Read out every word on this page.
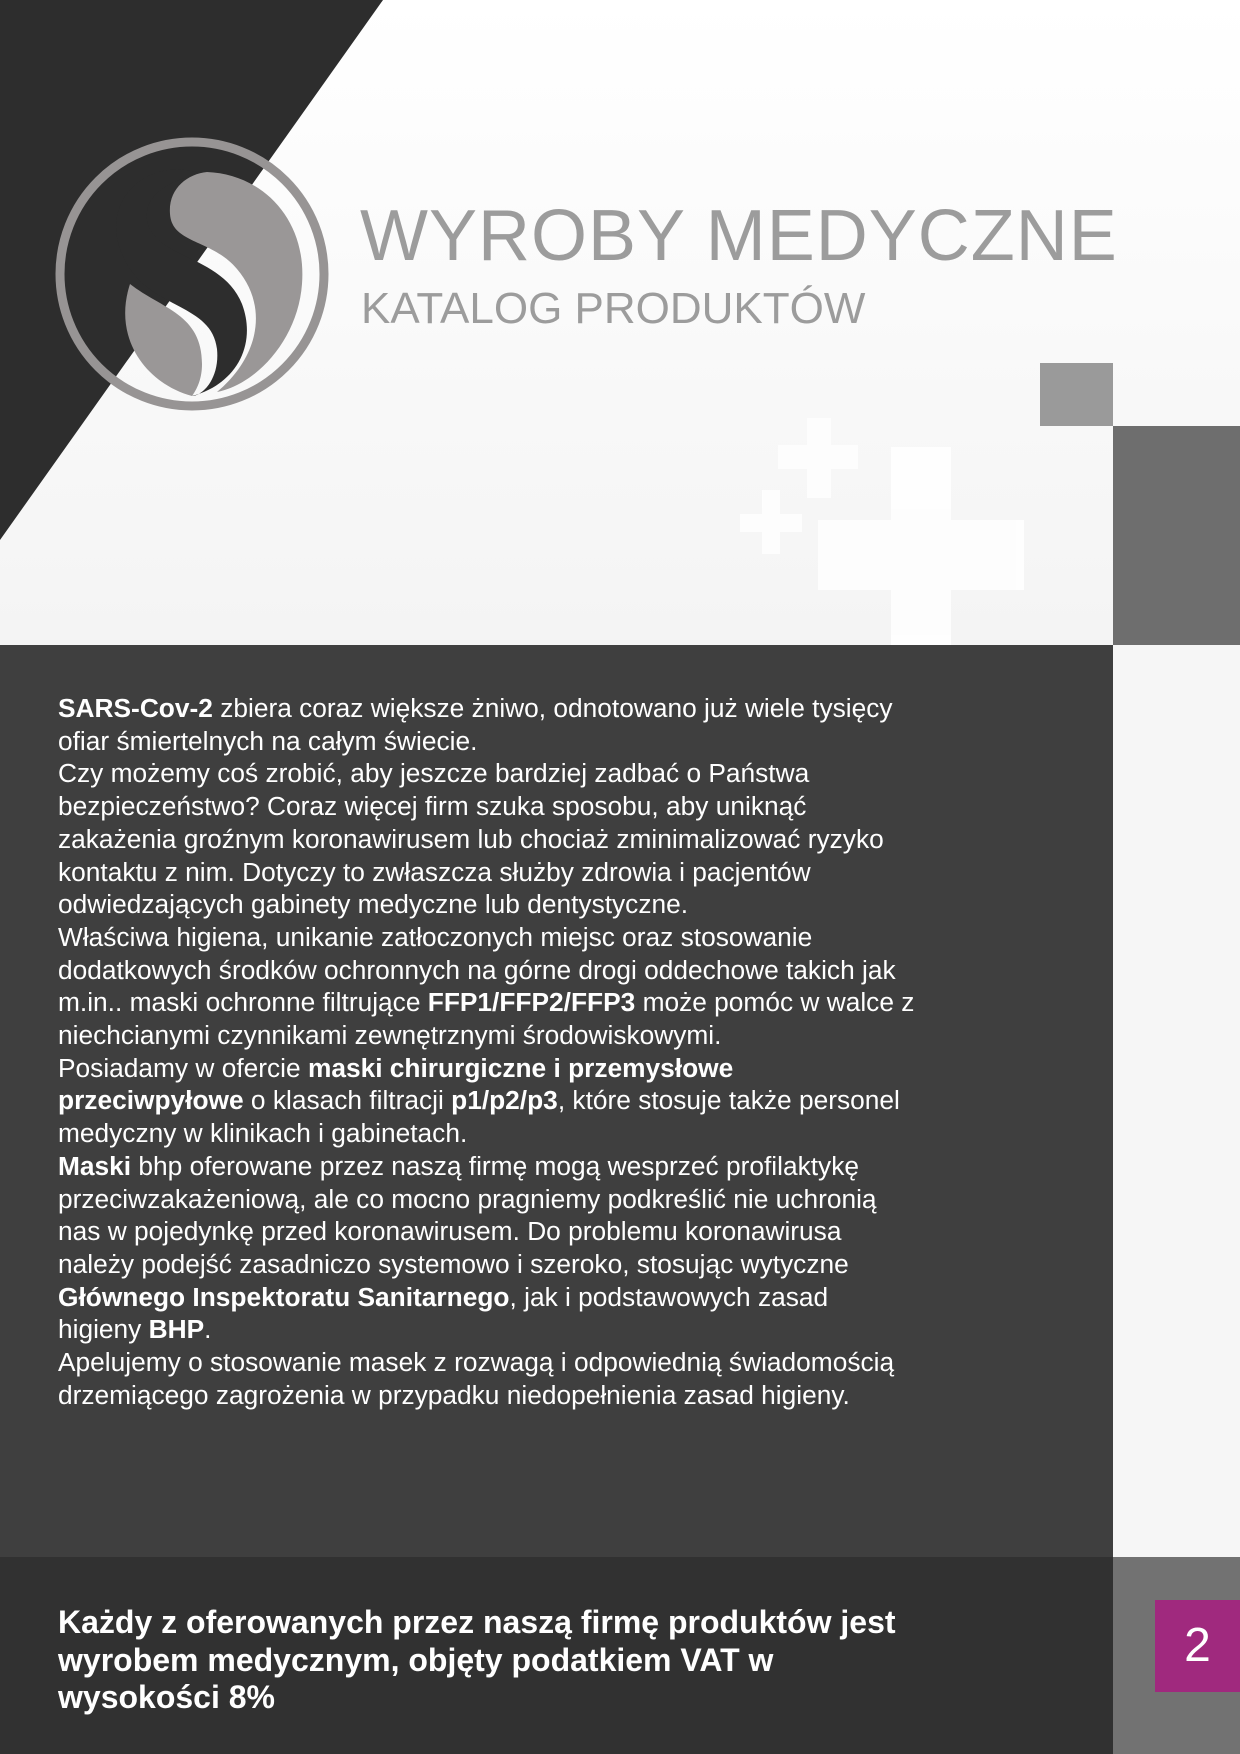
WYROBY MEDYCZNE
KATALOG PRODUKTÓW

SARS-Cov-2 zbiera coraz większe żniwo, odnotowano już wiele tysięcy ofiar śmiertelnych na całym świecie.

Czy możemy coś zrobić, aby jeszcze bardziej zadbać o Państwa bezpieczeństwo? Coraz więcej firm szuka sposobu, aby uniknąć zakażenia groźnym koronawirusem lub chociaż zminimalizować ryzyko kontaktu z nim. Dotyczy to zwłaszcza służby zdrowia i pacjentów odwiedzających gabinety medyczne lub dentystyczne.

Właściwa higiena, unikanie zatłoczonych miejsc oraz stosowanie dodatkowych środków ochronnych na górne drogi oddechowe takich jak m.in.. maski ochronne filtrujące FFP1/FFP2/FFP3 może pomóc w walce z niechcianymi czynnikami zewnętrznymi środowiskowymi.

Posiadamy w ofercie maski chirurgiczne i przemysłowe przeciwpyłowe o klasach filtracji p1/p2/p3, które stosuje także personel medyczny w klinikach i gabinetach.

Maski bhp oferowane przez naszą firmę mogą wesprzeć profilaktykę przeciwzakażeniową, ale co mocno pragniemy podkreślić nie uchronią nas w pojedynkę przed koronawirusem. Do problemu koronawirusa należy podejść zasadniczo systemowo i szeroko, stosując wytyczne Głównego Inspektoratu Sanitarnego, jak i podstawowych zasad higieny BHP.

Apelujemy o stosowanie masek z rozwagą i odpowiednią świadomością drzemiącego zagrożenia w przypadku niedopełnienia zasad higieny.

Każdy z oferowanych przez naszą firmę produktów jest wyrobem medycznym, objęty podatkiem VAT w wysokości 8%
2
